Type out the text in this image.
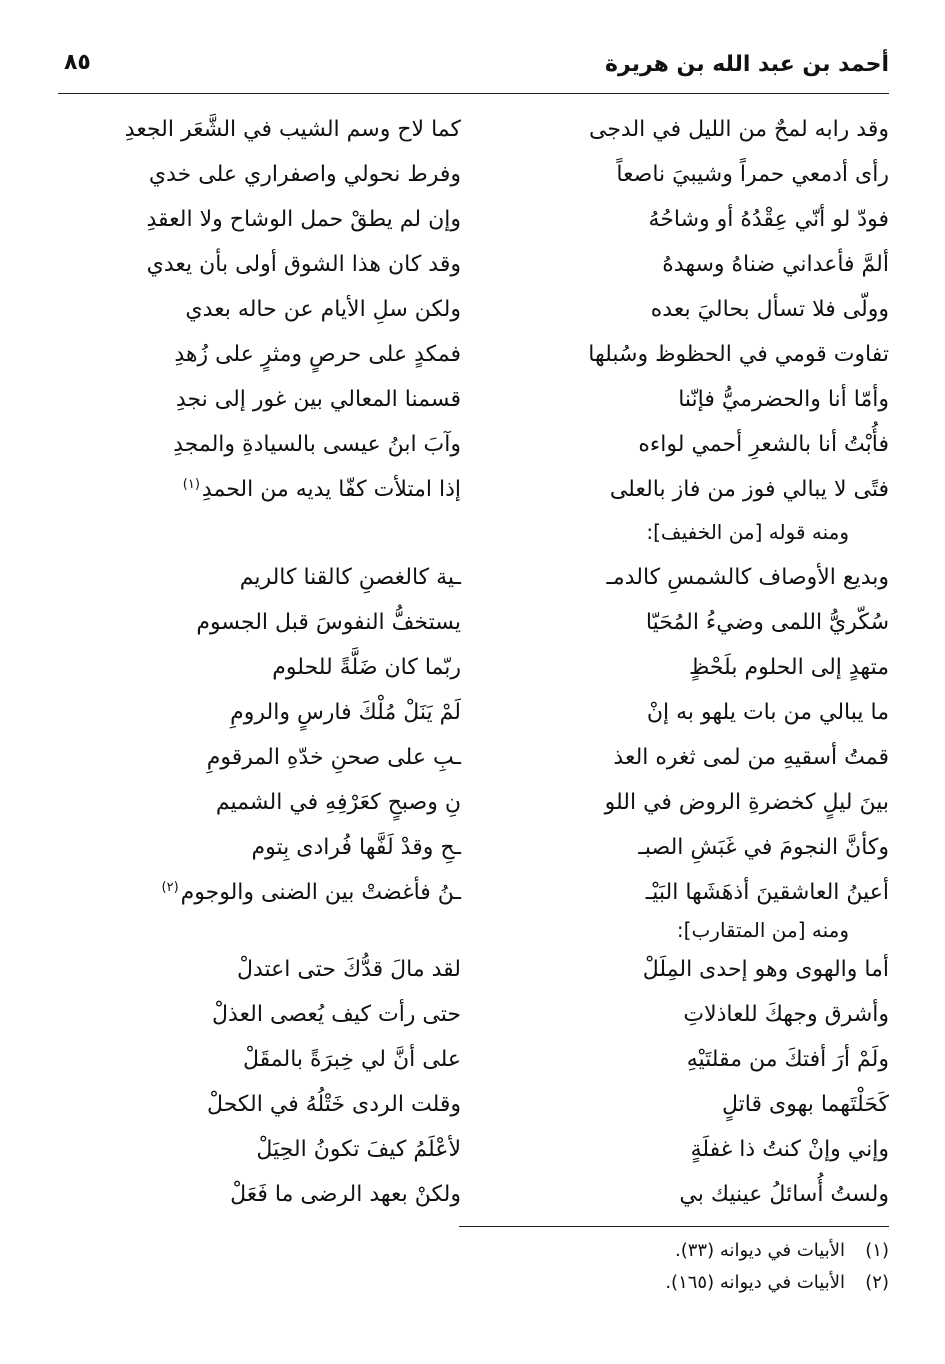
أحمد بن عبد الله بن هريرة
٨٥
وقد رابه لمحٌ من الليل في الدجى
كما لاح وسم الشيب في الشَّعَر الجعدِ
رأى أدمعي حمراً وشيبيَ ناصعاً
وفرط نحولي واصفراري على خدي
فودّ لو أنّي عِقْدُهُ أو وشاحُهُ
وإن لم يطقْ حمل الوشاح ولا العقدِ
ألمَّ فأعداني ضناهُ وسهدهُ
وقد كان هذا الشوق أولى بأن يعدي
وولّى فلا تسأل بحاليَ بعده
ولكن سلِ الأيام عن حاله بعدي
تفاوت قومي في الحظوظ وسُبلها
فمكدٍ على حرصٍ ومثرٍ على زُهدِ
وأمّا أنا والحضرميُّ فإنّنا
قسمنا المعالي بين غور إلى نجدِ
فأُبْتُ أنا بالشعرِ أحمي لواءه
وآبَ ابنُ عيسى بالسيادةِ والمجدِ
فتًى لا يبالي فوز من فاز بالعلى
إذا امتلأت كفّا يديه من الحمدِ$^{(١)}$
ومنه قوله [من الخفيف]:
وبديع الأوصاف كالشمسِ كالدمـ
ـية كالغصنِ كالقنا كالريم
سُكّريُّ اللمى وضيءُ المُحَيّا
يستخفُّ النفوسَ قبل الجسوم
متهدٍ إلى الحلوم بلَحْظٍ
ربّما كان ضَلَّةً للحلوم
ما يبالي من بات يلهو به إنْ
لَمْ يَنَلْ مُلْكَ فارسٍ والرومِ
قمتُ أسقيهِ من لمى ثغره العذ
ـبِ على صحنِ خدّهِ المرقومِ
بينَ ليلٍ كخضرةِ الروض في اللو
نِ وصبحٍ كعَرْفِهِ في الشميم
وكأنَّ النجومَ في غَبَشِ الصبـ
ـحِ وقدْ لَفَّها فُرادى بِتوم
أعينُ العاشقينَ أذهَشَها البَيْـ
ـنُ فأغضتْ بين الضنى والوجوم$^{(٢)}$
ومنه [من المتقارب]:
أما والهوى وهو إحدى المِلَلْ
لقد مالَ قدُّكَ حتى اعتدلْ
وأشرق وجهكَ للعاذلاتِ
حتى رأت كيف يُعصى العذلْ
ولَمْ أرَ أفتكَ من مقلتَيْهِ
على أنَّ لي خِبرَةً بالمقَلْ
كَحَلْتَهما بهوى قاتلٍ
وقلت الردى خَتْلُهُ في الكحلْ
وإني وإنْ كنتُ ذا غفلَةٍ
لأعْلَمُ كيفَ تكونُ الحِيَلْ
ولستُ أُسائلُ عينيك بي
ولكنْ بعهد الرضى ما فَعَلْ
(١)الأبيات في ديوانه (٣٣).
(٢)الأبيات في ديوانه (١٦٥).
